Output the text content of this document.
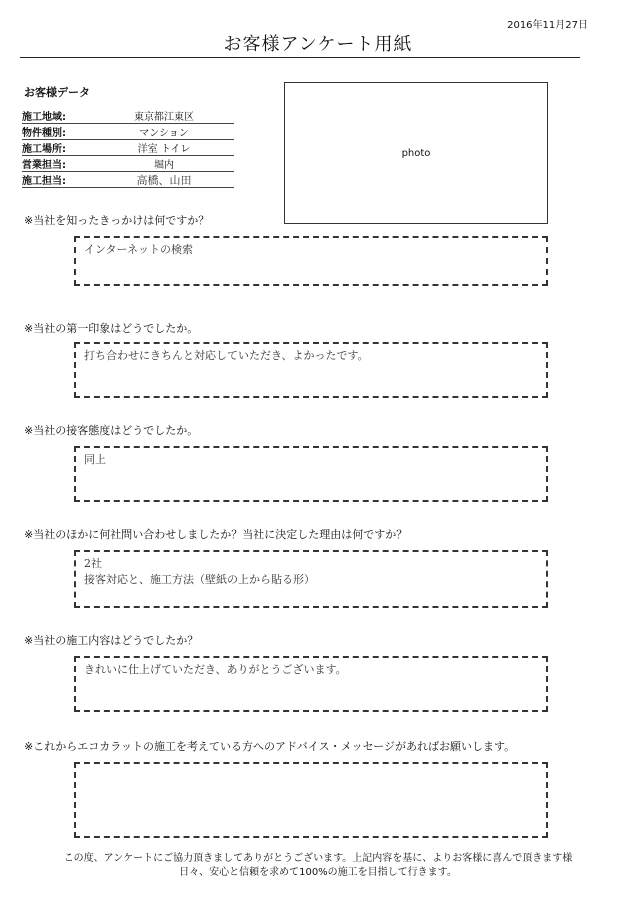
2016年11月27日
お客様アンケート用紙
お客様データ
施工地域:	東京都江東区
物件種別:	マンション
施工場所:	洋室 トイレ
営業担当:	堀内
施工担当:	高橋、山田
photo
※当社を知ったきっかけは何ですか？
インターネットの検索
※当社の第一印象はどうでしたか。
打ち合わせにきちんと対応していただき、よかったです。
※当社の接客態度はどうでしたか。
同上
※当社のほかに何社問い合わせしましたか？当社に決定した理由は何ですか？
2社
接客対応と、施工方法（壁紙の上から貼る形）
※当社の施工内容はどうでしたか？
きれいに仕上げていただき、ありがとうございます。
※これからエコカラットの施工を考えている方へのアドバイス・メッセージがあればお願いします。
この度、アンケートにご協力頂きましてありがとうございます。上記内容を基に、よりお客様に喜んで頂きます様
日々、安心と信頼を求めて100%の施工を目指して行きます。
